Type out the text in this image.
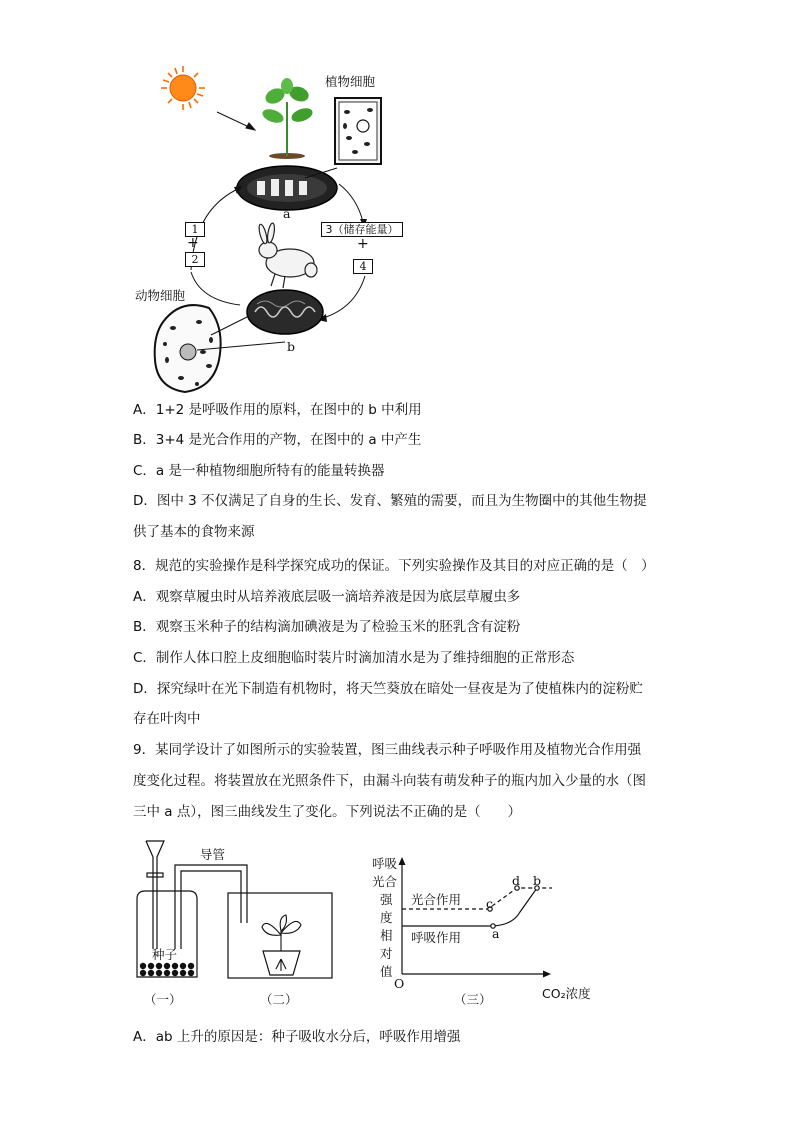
植物细胞
动物细胞
a
b
1
+
2
3（储存能量）
+
4
A．1+2 是呼吸作用的原料，在图中的 b 中利用
B．3+4 是光合作用的产物，在图中的 a 中产生
C．a 是一种植物细胞所特有的能量转换器
D．图中 3 不仅满足了自身的生长、发育、繁殖的需要，而且为生物圈中的其他生物提
供了基本的食物来源
8．规范的实验操作是科学探究成功的保证。下列实验操作及其目的对应正确的是（　）
A．观察草履虫时从培养液底层吸一滴培养液是因为底层草履虫多
B．观察玉米种子的结构滴加碘液是为了检验玉米的胚乳含有淀粉
C．制作人体口腔上皮细胞临时装片时滴加清水是为了维持细胞的正常形态
D．探究绿叶在光下制造有机物时，将天竺葵放在暗处一昼夜是为了使植株内的淀粉贮
存在叶肉中
9．某同学设计了如图所示的实验装置，图三曲线表示种子呼吸作用及植物光合作用强
度变化过程。将装置放在光照条件下，由漏斗向装有萌发种子的瓶内加入少量的水（图
三中 a 点），图三曲线发生了变化。下列说法不正确的是（　　）
导管
种子
（一）	（二）
呼吸
光合
强
度
相
对
值
O
光合作用
呼吸作用 a
c
d b
CO₂浓度
（三）
A．ab 上升的原因是：种子吸收水分后，呼吸作用增强
